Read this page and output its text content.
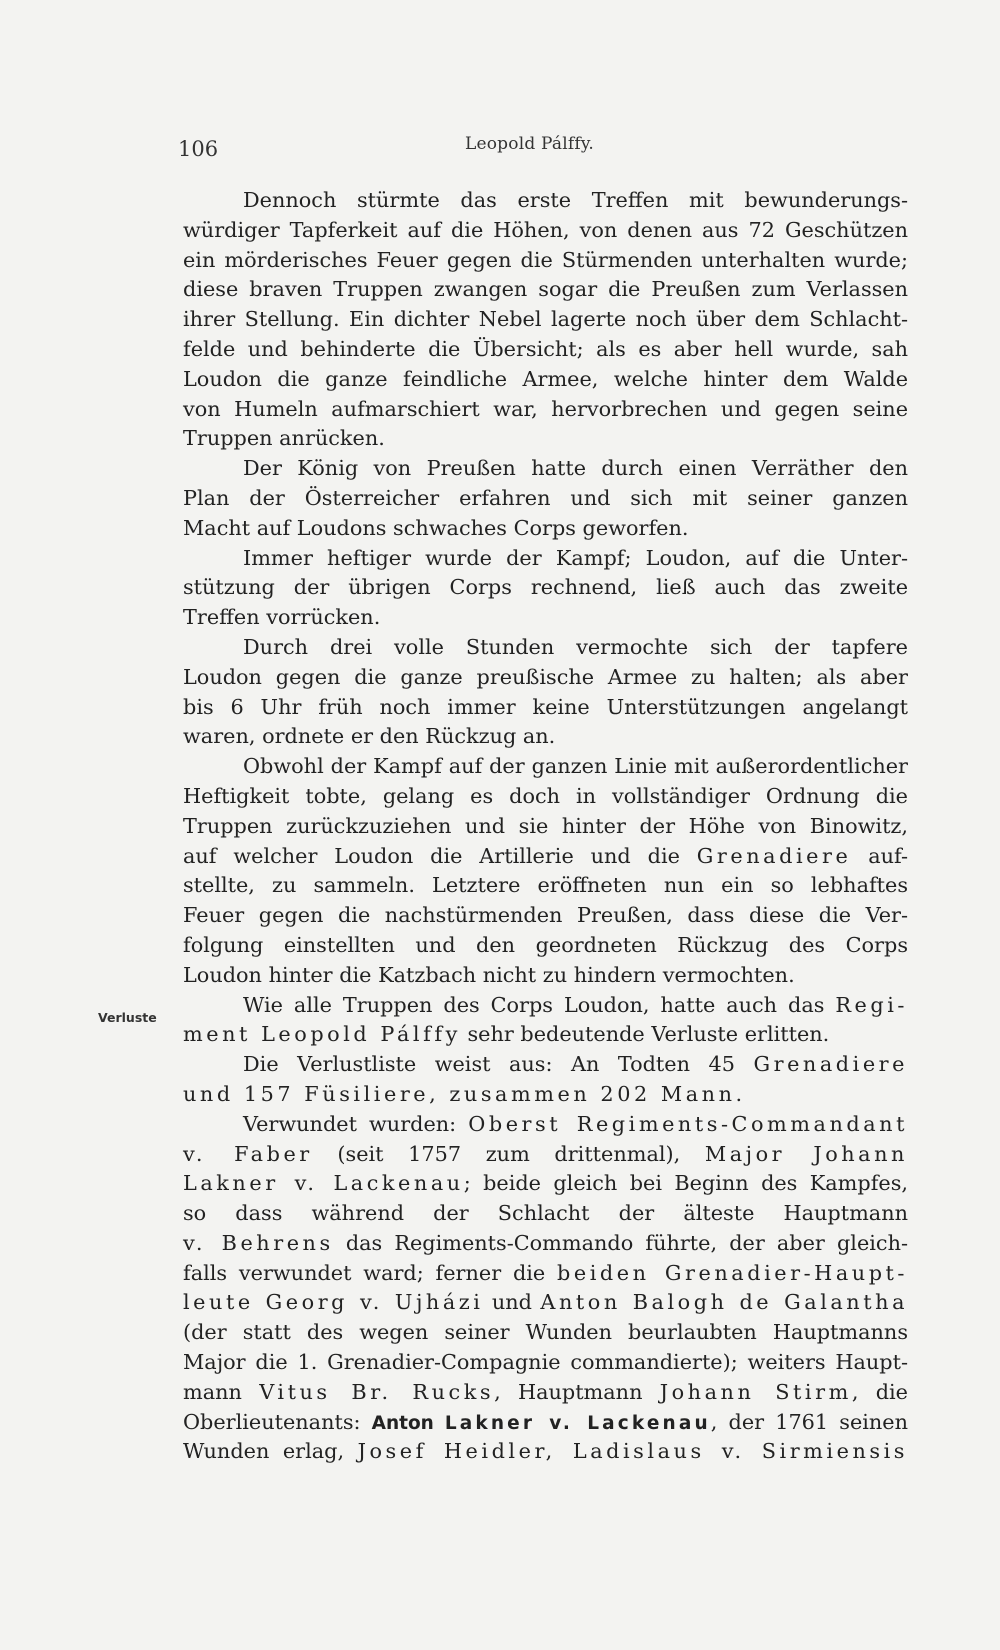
106	Leopold Pálffy.
Verluste
Dennoch stürmte das erste Treffen mit bewunderungs-
würdiger Tapferkeit auf die Höhen, von denen aus 72 Geschützen
ein mörderisches Feuer gegen die Stürmenden unterhalten wurde;
diese braven Truppen zwangen sogar die Preußen zum Verlassen
ihrer Stellung. Ein dichter Nebel lagerte noch über dem Schlacht-
felde und behinderte die Übersicht; als es aber hell wurde, sah
Loudon die ganze feindliche Armee, welche hinter dem Walde
von Humeln aufmarschiert war, hervorbrechen und gegen seine
Truppen anrücken.
Der König von Preußen hatte durch einen Verräther den
Plan der Österreicher erfahren und sich mit seiner ganzen
Macht auf Loudons schwaches Corps geworfen.
Immer heftiger wurde der Kampf; Loudon, auf die Unter-
stützung der übrigen Corps rechnend, ließ auch das zweite
Treffen vorrücken.
Durch drei volle Stunden vermochte sich der tapfere
Loudon gegen die ganze preußische Armee zu halten; als aber
bis 6 Uhr früh noch immer keine Unterstützungen angelangt
waren, ordnete er den Rückzug an.
Obwohl der Kampf auf der ganzen Linie mit außerordentlicher
Heftigkeit tobte, gelang es doch in vollständiger Ordnung die
Truppen zurückzuziehen und sie hinter der Höhe von Binowitz,
auf welcher Loudon die Artillerie und die Grenadiere auf-
stellte, zu sammeln. Letztere eröffneten nun ein so lebhaftes
Feuer gegen die nachstürmenden Preußen, dass diese die Ver-
folgung einstellten und den geordneten Rückzug des Corps
Loudon hinter die Katzbach nicht zu hindern vermochten.
Wie alle Truppen des Corps Loudon, hatte auch das Regi-
ment Leopold Pálffy sehr bedeutende Verluste erlitten.
Die Verlustliste weist aus: An Todten 45 Grenadiere
und 157 Füsiliere, zusammen 202 Mann.
Verwundet wurden: Oberst Regiments-Commandant
v. Faber (seit 1757 zum drittenmal), Major Johann
Lakner v. Lackenau; beide gleich bei Beginn des Kampfes,
so dass während der Schlacht der älteste Hauptmann
v. Behrens das Regiments-Commando führte, der aber gleich-
falls verwundet ward; ferner die beiden Grenadier-Haupt-
leute Georg v. Ujházi und Anton Balogh de Galantha
(der statt des wegen seiner Wunden beurlaubten Hauptmanns
Major die 1. Grenadier-Compagnie commandierte); weiters Haupt-
mann Vitus Br. Rucks, Hauptmann Johann Stirm, die
Oberlieutenants: Anton Lakner v. Lackenau, der 1761 seinen
Wunden erlag, Josef Heidler, Ladislaus v. Sirmiensis
